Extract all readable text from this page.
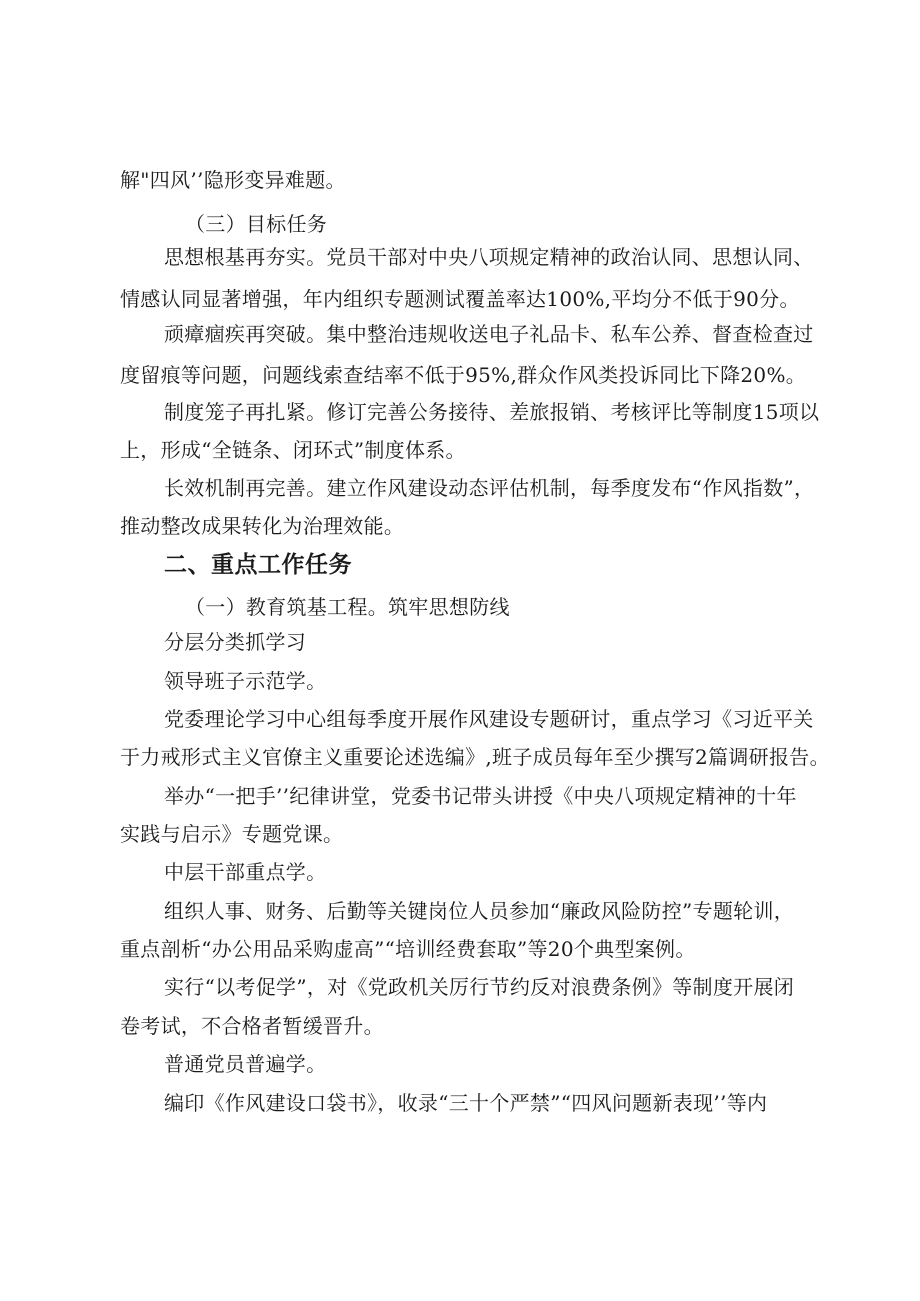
解"四风’’隐形变异难题。
（三）目标任务
思想根基再夯实。党员干部对中央八项规定精神的政治认同、思想认同、
情感认同显著增强，年内组织专题测试覆盖率达100%,平均分不低于90分。
顽瘴痼疾再突破。集中整治违规收送电子礼品卡、私车公养、督查检查过
度留痕等问题，问题线索查结率不低于95%,群众作风类投诉同比下降20%。
制度笼子再扎紧。修订完善公务接待、差旅报销、考核评比等制度15项以
上，形成“全链条、闭环式”制度体系。
长效机制再完善。建立作风建设动态评估机制，每季度发布“作风指数”，
推动整改成果转化为治理效能。
二、重点工作任务
（一）教育筑基工程。筑牢思想防线
分层分类抓学习
领导班子示范学。
党委理论学习中心组每季度开展作风建设专题研讨，重点学习《习近平关
于力戒形式主义官僚主义重要论述选编》,班子成员每年至少撰写2篇调研报告。
举办“一把手’’纪律讲堂，党委书记带头讲授《中央八项规定精神的十年
实践与启示》专题党课。
中层干部重点学。
组织人事、财务、后勤等关键岗位人员参加“廉政风险防控”专题轮训，
重点剖析“办公用品采购虚高”“培训经费套取”等20个典型案例。
实行“以考促学”，对《党政机关厉行节约反对浪费条例》等制度开展闭
卷考试，不合格者暂缓晋升。
普通党员普遍学。
编印《作风建设口袋书》，收录“三十个严禁”“四风问题新表现’’等内
